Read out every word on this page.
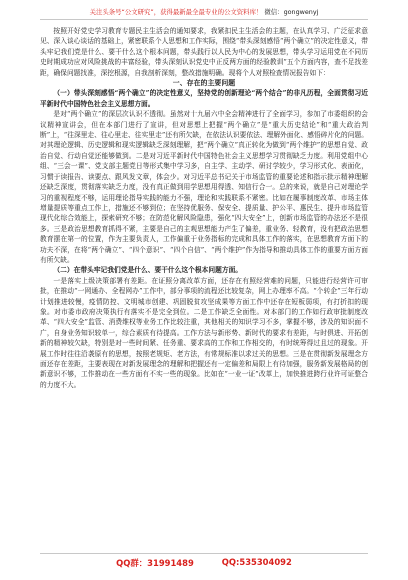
关注头条号“公文研究”，获得最新最全最专业的公文资料库！ 微信：gongwenyj

按照开好党史学习教育专题民主生活会的通知要求，我紧扣民主生活会的主题，在认真学习、广泛征求意见、深入谈心谈话的基础上，紧密联系个人思想和工作实际，围绕“带头深刻感悟“两个确立”的决定性意义，带头牢记我们党是什么、要干什么这个根本问题，带头践行以人民为中心的发展思想，带头学习运用党在不同历史时期成功应对风险挑战的丰富经验，带头深刻认识党史中正反两方面的经验教训”五个方面内容，查不足找差距，确保问题找准，深挖根源，自我剖析深刻，整改措施明确。现将个人对照检查情况报告如下：

一、存在的主要问题

（一）带头深刻感悟“两个确立”的决定性意义，坚持党的创新理论“两个结合”的非凡历程，全面贯彻习近平新时代中国特色社会主义思想方面。

是对“两个确立”的深层次认识不透彻。虽然对十九届六中全会精神进行了全面学习，参加了市委组织的会议精神宣讲会，但在本部门进行了宣讲，但对思想上把握“两个确立”是“重大历史结论”和“重大政治判断”上，“往深里走、往心里走、往实里走”还有所欠缺，在依法认识要依法、理解外面化、感悟碎片化的问题。对其理论逻辑、历史逻辑和现实逻辑缺乏深刻理解，把“两个确立”真正转化为做到“两个维护”的思想自觉、政治自觉、行动自觉还能够做到。二是对习近平新时代中国特色社会主义思想学习贯彻缺乏力度。利用党组中心组、“三会一课”、党支部主题党日等形式集中学习多，自主学、主动学、研讨学较少，学习形式化、表面化，习惯于读报告、读要点、跟风发文章，体会少。对习近平总书记关于市场监管的重要论述和指示批示精神理解还缺乏深度，贯彻落实缺乏力度，没有真正做到用学思想用得透、知信行合一。总的来说，就是自己对理论学习的重视程度不够，运用理论指导实践的能力不强，理论和实践联系不紧密。比如在履事制度改革、市场主体增量提质等重点工作上，措施还不够到位；在坚持优服务、保安全、提质量、护公平、惠民生、提升市场监管现代化综合效能上，探索研究不够；在防范化解风险隐患，强化“四大安全”上，创新市场监管的办法还不是很多。三是政治思想教育抓得不紧，主要是自己的主观思想能力产生了偏差，重业务、轻教育，没有把政治思想教育摆在第一的位置，作为主要负责人，工作偏重于业务指标的完成和具体工作的落实，在思想教育方面下的功夫不深，在将“两个确立”、“四个意识”、“四个自信”、“两个维护”作为指导和推动具体工作的重要方面方面有所欠缺。

（二）在带头牢记我们党是什么、要干什么这个根本问题方面。

一是落实上级决策部署有差距。在证照分离改革方面，还存在有照经营难的问题，只能进行经营许可审批，在推动“一网通办、全程网办”工作中，部分事项的流程还比较复杂，网上办理率不高。“个转企”三年行动计划推进较慢，疫情防控、文明城市创建、巩固脱贫攻坚成果等方面工作中还存在短板弱项，有打折扣的现象。对市委市政府决策执行有落实不是完全到位。二是工作缺乏全面性。对本部门的工作如行政审批制度改革、“四大安全”监管、消费维权等业务工作比较注重，其他相关的知识学习不多，掌握不够，涉及的知识面不广，自身业务知识较单一，综合素质有待提高。工作方法与新形势、新时代的要求有差距，与时俱进、开拓创新的精神较欠缺，特别是对一些时间紧、任务重、要求高的工作和工作相交的，有时统筹得过且过的现象。开展工作时往往沿袭原有的思想，按照老规矩、老方法，有常规标准以求过关的思想。三是在贯彻新发展理念方面还存在差距，主要表现在对新发展理念的理解和把握还有一定偏差和局限上有待加强，服务新发展格局的创新意识不够，工作推动在一些方面有不实一些的现象。比如在“一业一证”改革上，加快推进跨行业许可证整合的力度不大。

QQ群：31991489	QQ:535304092
